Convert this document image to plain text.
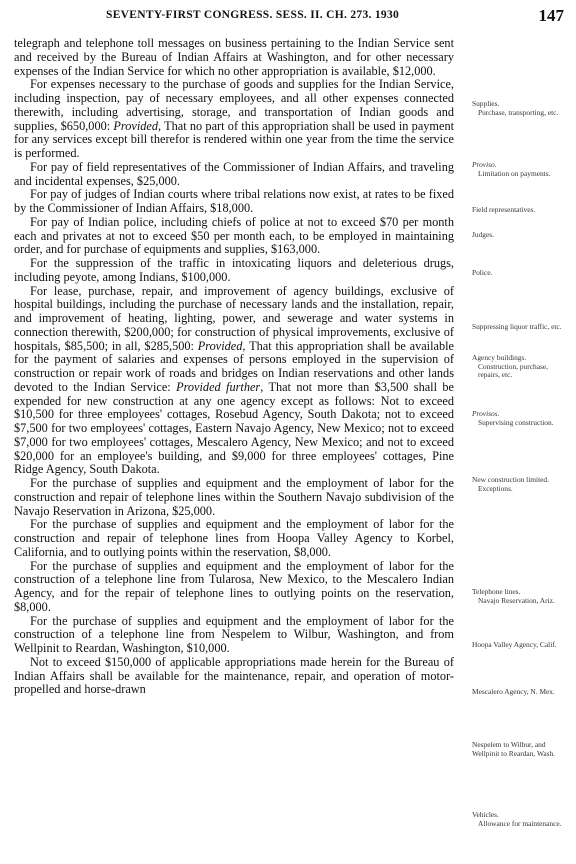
SEVENTY-FIRST CONGRESS. SESS. II. CH. 273. 1930	147

telegraph and telephone toll messages on business pertaining to the Indian Service sent and received by the Bureau of Indian Affairs at Washington, and for other necessary expenses of the Indian Service for which no other appropriation is available, $12,000.

For expenses necessary to the purchase of goods and supplies for the Indian Service, including inspection, pay of necessary employees, and all other expenses connected therewith, including advertising, storage, and transportation of Indian goods and supplies, $650,000: Provided, That no part of this appropriation shall be used in payment for any services except bill therefor is rendered within one year from the time the service is performed.

For pay of field representatives of the Commissioner of Indian Affairs, and traveling and incidental expenses, $25,000.

For pay of judges of Indian courts where tribal relations now exist, at rates to be fixed by the Commissioner of Indian Affairs, $18,000.

For pay of Indian police, including chiefs of police at not to exceed $70 per month each and privates at not to exceed $50 per month each, to be employed in maintaining order, and for purchase of equipments and supplies, $163,000.

For the suppression of the traffic in intoxicating liquors and deleterious drugs, including peyote, among Indians, $100,000.

For lease, purchase, repair, and improvement of agency buildings, exclusive of hospital buildings, including the purchase of necessary lands and the installation, repair, and improvement of heating, lighting, power, and sewerage and water systems in connection therewith, $200,000; for construction of physical improvements, exclusive of hospitals, $85,500; in all, $285,500: Provided, That this appropriation shall be available for the payment of salaries and expenses of persons employed in the supervision of construction or repair work of roads and bridges on Indian reservations and other lands devoted to the Indian Service: Provided further, That not more than $3,500 shall be expended for new construction at any one agency except as follows: Not to exceed $10,500 for three employees' cottages, Rosebud Agency, South Dakota; not to exceed $7,500 for two employees' cottages, Eastern Navajo Agency, New Mexico; not to exceed $7,000 for two employees' cottages, Mescalero Agency, New Mexico; and not to exceed $20,000 for an employee's building, and $9,000 for three employees' cottages, Pine Ridge Agency, South Dakota.

For the purchase of supplies and equipment and the employment of labor for the construction and repair of telephone lines within the Southern Navajo subdivision of the Navajo Reservation in Arizona, $25,000.

For the purchase of supplies and equipment and the employment of labor for the construction and repair of telephone lines from Hoopa Valley Agency to Korbel, California, and to outlying points within the reservation, $8,000.

For the purchase of supplies and equipment and the employment of labor for the construction of a telephone line from Tularosa, New Mexico, to the Mescalero Indian Agency, and for the repair of telephone lines to outlying points on the reservation, $8,000.

For the purchase of supplies and equipment and the employment of labor for the construction of a telephone line from Nespelem to Wilbur, Washington, and from Wellpinit to Reardan, Washington, $10,000.

Not to exceed $150,000 of applicable appropriations made herein for the Bureau of Indian Affairs shall be available for the maintenance, repair, and operation of motor-propelled and horse-drawn

Supplies.
Purchase, transporting, etc.
Proviso.
Limitation on payments.
Field representatives.
Judges.
Police.
Suppressing liquor traffic, etc.
Agency buildings.
Construction, purchase, repairs, etc.
Provisos.
Supervising construction.
New construction limited.
Exceptions.
Telephone lines.
Navajo Reservation, Ariz.
Hoopa Valley Agency, Calif.
Mescalero Agency, N. Mex.
Nespelem to Wilbur, and Wellpinit to Reardan, Wash.
Vehicles.
Allowance for maintenance.
